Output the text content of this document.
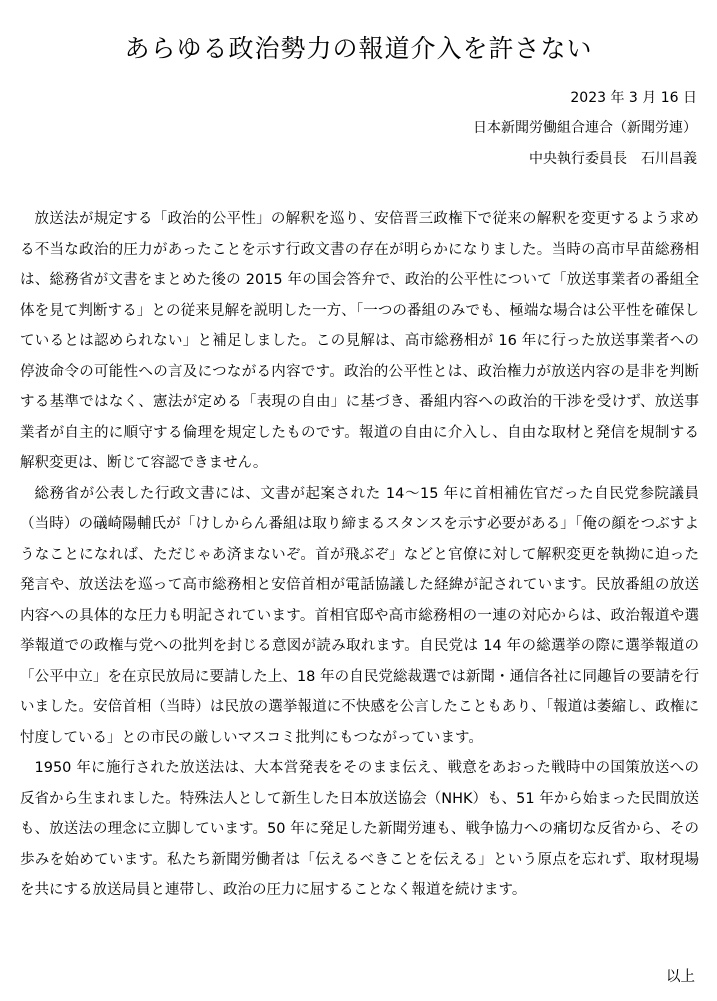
あらゆる政治勢力の報道介入を許さない
2023 年 3 月 16 日
日本新聞労働組合連合（新聞労連）
中央執行委員長　石川昌義

放送法が規定する「政治的公平性」の解釈を巡り、安倍晋三政権下で従来の解釈を変更するよう求める不当な政治的圧力があったことを示す行政文書の存在が明らかになりました。当時の高市早苗総務相は、総務省が文書をまとめた後の 2015 年の国会答弁で、政治的公平性について「放送事業者の番組全体を見て判断する」との従来見解を説明した一方、「一つの番組のみでも、極端な場合は公平性を確保しているとは認められない」と補足しました。この見解は、高市総務相が 16 年に行った放送事業者への停波命令の可能性への言及につながる内容です。政治的公平性とは、政治権力が放送内容の是非を判断する基準ではなく、憲法が定める「表現の自由」に基づき、番組内容への政治的干渉を受けず、放送事業者が自主的に順守する倫理を規定したものです。報道の自由に介入し、自由な取材と発信を規制する解釈変更は、断じて容認できません。

総務省が公表した行政文書には、文書が起案された 14～15 年に首相補佐官だった自民党参院議員（当時）の礒崎陽輔氏が「けしからん番組は取り締まるスタンスを示す必要がある」「俺の顔をつぶすようなことになれば、ただじゃあ済まないぞ。首が飛ぶぞ」などと官僚に対して解釈変更を執拗に迫った発言や、放送法を巡って高市総務相と安倍首相が電話協議した経緯が記されています。民放番組の放送内容への具体的な圧力も明記されています。首相官邸や高市総務相の一連の対応からは、政治報道や選挙報道での政権与党への批判を封じる意図が読み取れます。自民党は 14 年の総選挙の際に選挙報道の「公平中立」を在京民放局に要請した上、18 年の自民党総裁選では新聞・通信各社に同趣旨の要請を行いました。安倍首相（当時）は民放の選挙報道に不快感を公言したこともあり、「報道は萎縮し、政権に忖度している」との市民の厳しいマスコミ批判にもつながっています。

1950 年に施行された放送法は、大本営発表をそのまま伝え、戦意をあおった戦時中の国策放送への反省から生まれました。特殊法人として新生した日本放送協会（NHK）も、51 年から始まった民間放送も、放送法の理念に立脚しています。50 年に発足した新聞労連も、戦争協力への痛切な反省から、その歩みを始めています。私たち新聞労働者は「伝えるべきことを伝える」という原点を忘れず、取材現場を共にする放送局員と連帯し、政治の圧力に屈することなく報道を続けます。

以上
